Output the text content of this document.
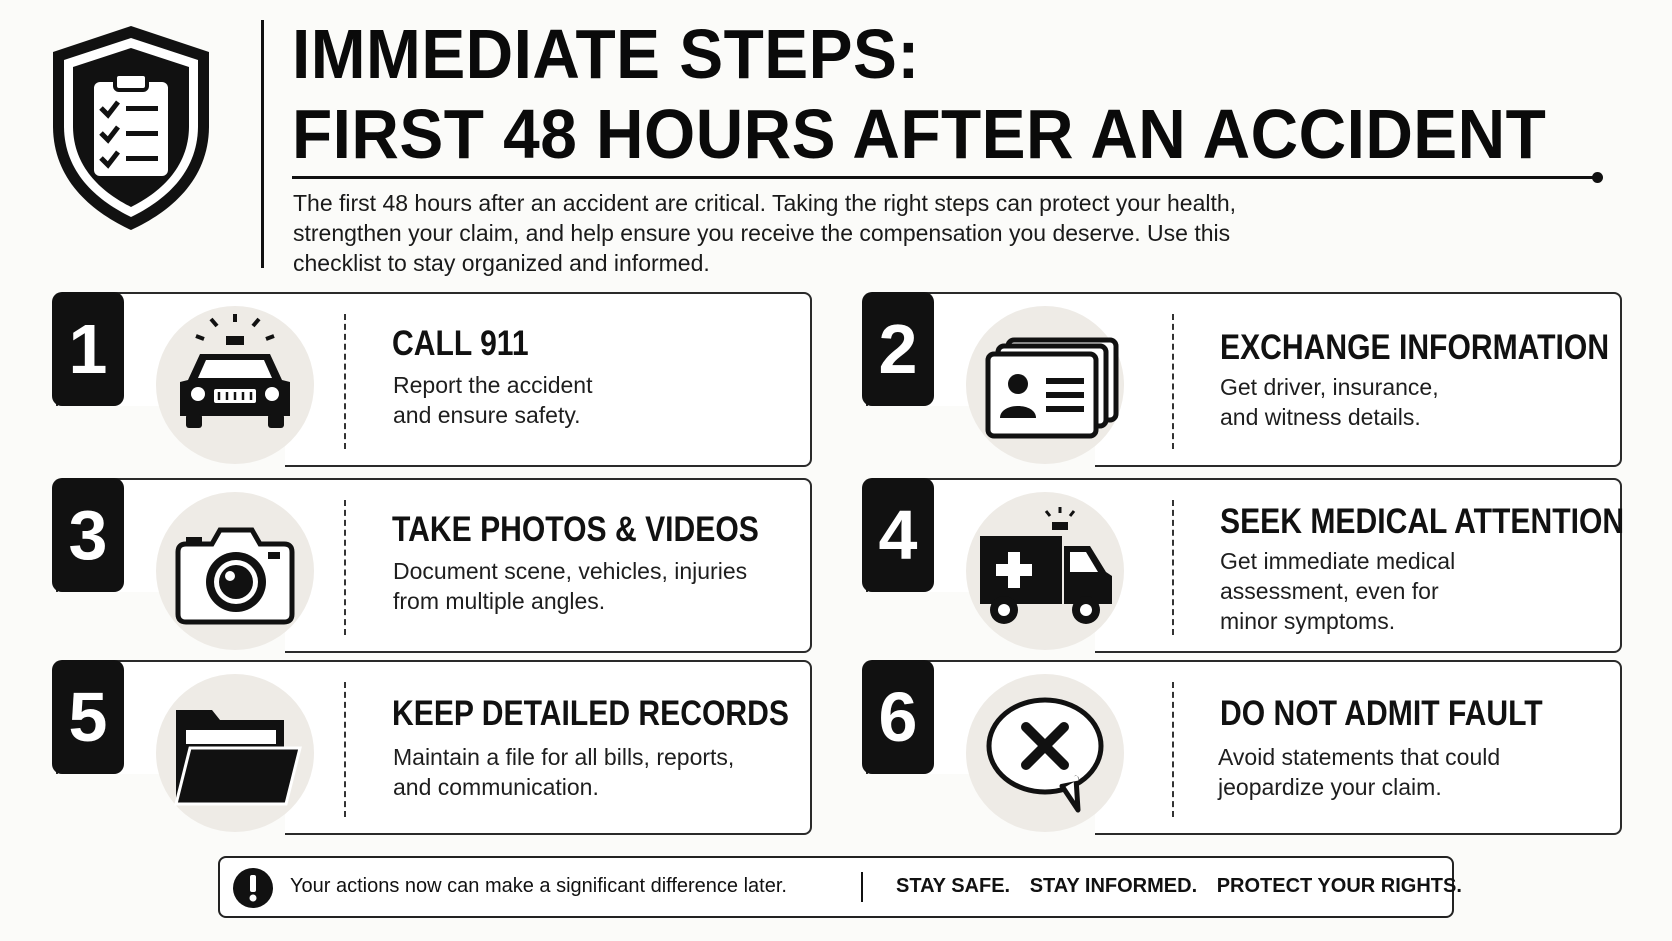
IMMEDIATE STEPS:
FIRST 48 HOURS AFTER AN ACCIDENT
The first 48 hours after an accident are critical. Taking the right steps can protect your health, strengthen your claim, and help ensure you receive the compensation you deserve. Use this checklist to stay organized and informed.
1	CALL 911
Report the accident and ensure safety.
2	EXCHANGE INFORMATION
Get driver, insurance, and witness details.
3	TAKE PHOTOS & VIDEOS
Document scene, vehicles, injuries from multiple angles.
4	SEEK MEDICAL ATTENTION
Get immediate medical assessment, even for minor symptoms.
5	KEEP DETAILED RECORDS
Maintain a file for all bills, reports, and communication.
6	DO NOT ADMIT FAULT
Avoid statements that could jeopardize your claim.
Your actions now can make a significant difference later.	STAY SAFE. STAY INFORMED. PROTECT YOUR RIGHTS.
